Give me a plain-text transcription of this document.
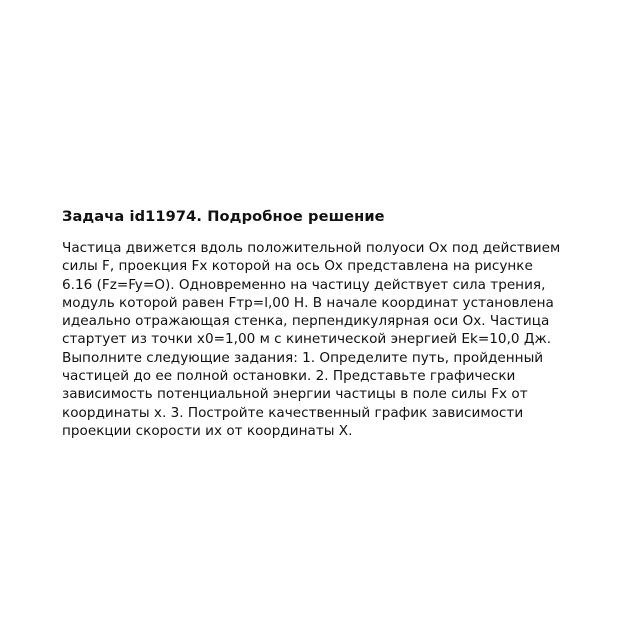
Задача id11974. Подробное решение

Частица движется вдоль положительной полуоси Ох под действием

силы F, проекция Fx которой на ось Ох представлена на рисунке

6.16 (Fz=Fy=О). Одновременно на частицу действует сила трения,

модуль которой равен Fтр=l,00 Н. В начале координат установлена

идеально отражающая стенка, перпендикулярная оси Ох. Частица

стартует из точки х0=1,00 м с кинетической энергией Ek=10,0 Дж.

Выполните следующие задания: 1. Определите путь, пройденный

частицей до ее полной остановки. 2. Представьте графически

зависимость потенциальной энергии частицы в поле силы Fx от

координаты х. 3. Постройте качественный график зависимости

проекции скорости их от координаты Х.
